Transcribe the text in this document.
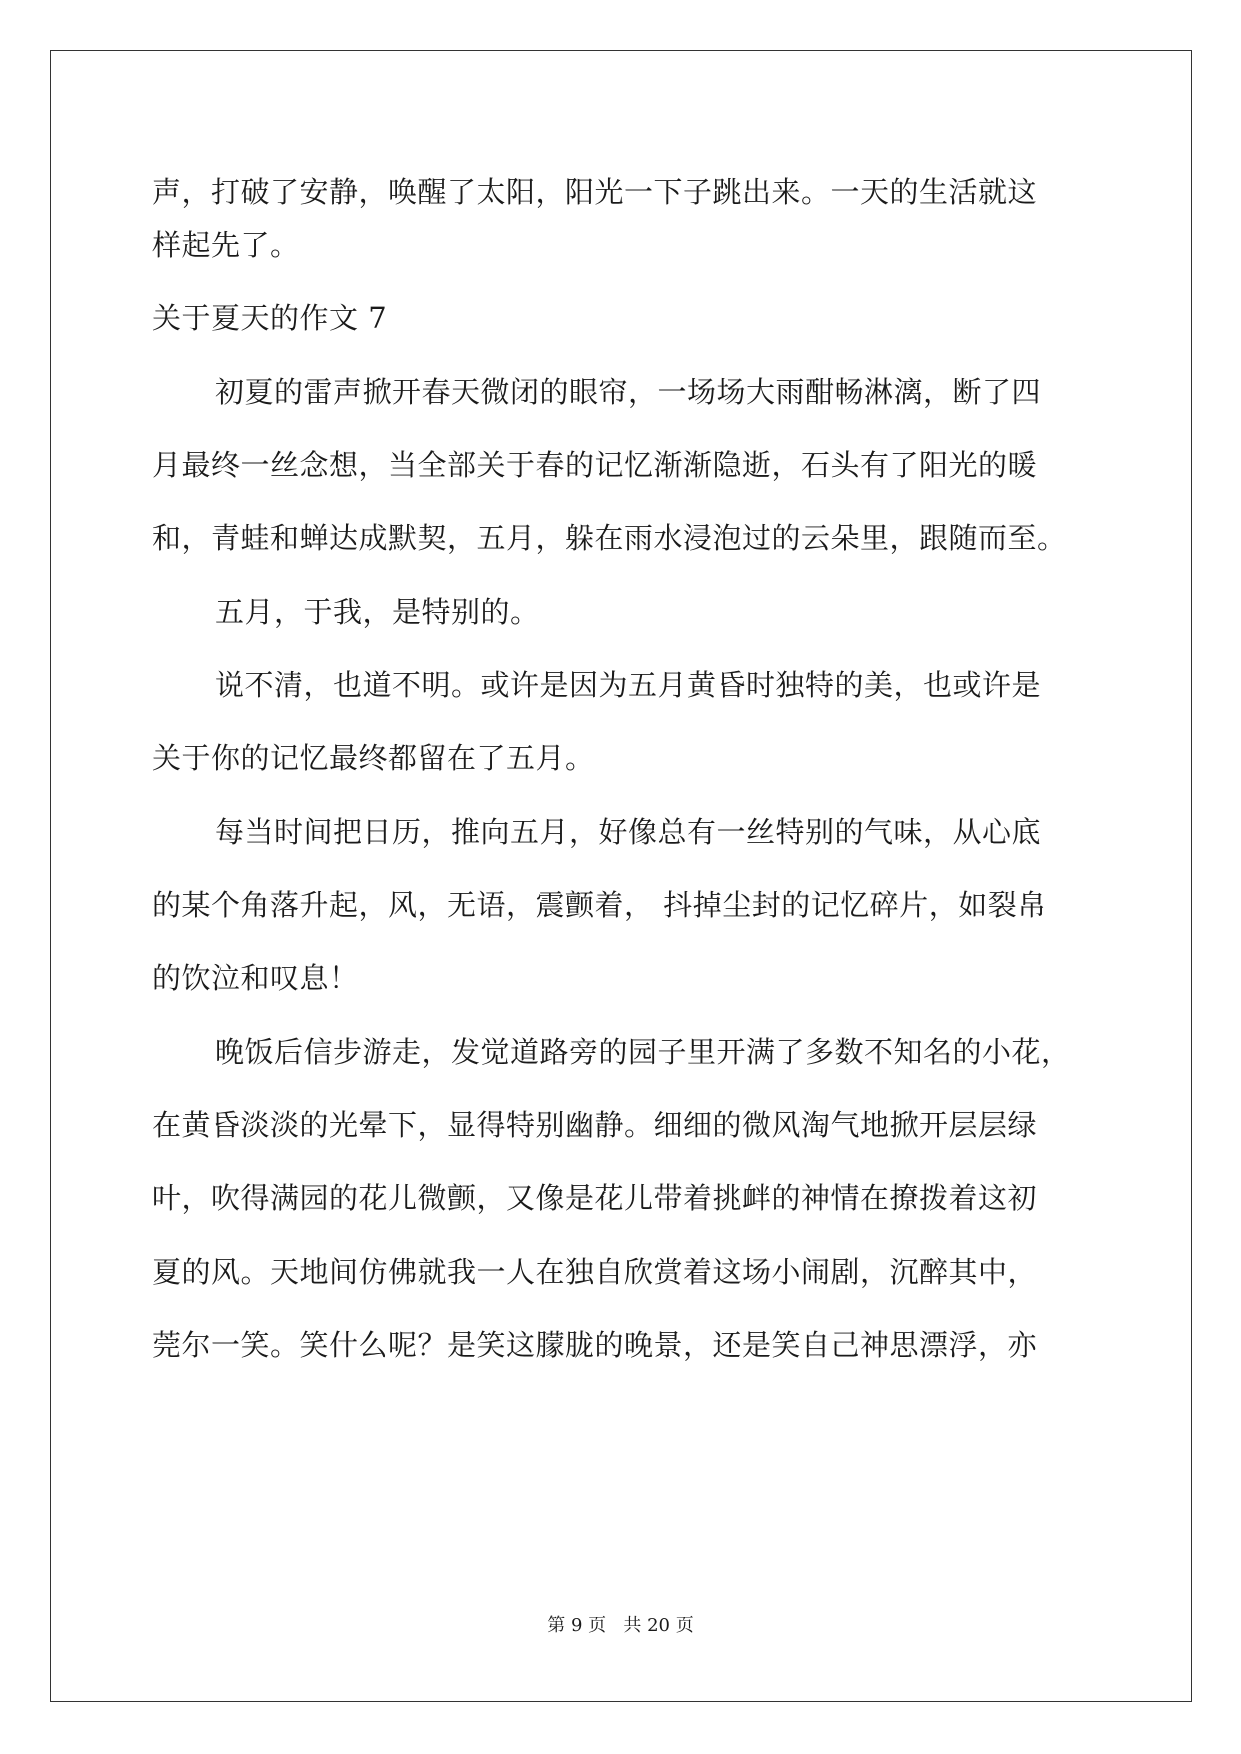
声，打破了安静，唤醒了太阳，阳光一下子跳出来。一天的生活就这
样起先了。
关于夏天的作文 7
初夏的雷声掀开春天微闭的眼帘，一场场大雨酣畅淋漓，断了四
月最终一丝念想，当全部关于春的记忆渐渐隐逝，石头有了阳光的暖
和，青蛙和蝉达成默契，五月，躲在雨水浸泡过的云朵里，跟随而至。
五月，于我，是特别的。
说不清，也道不明。或许是因为五月黄昏时独特的美，也或许是
关于你的记忆最终都留在了五月。
每当时间把日历，推向五月，好像总有一丝特别的气味，从心底
的某个角落升起，风，无语，震颤着， 抖掉尘封的记忆碎片，如裂帛
的饮泣和叹息！
晚饭后信步游走，发觉道路旁的园子里开满了多数不知名的小花，
在黄昏淡淡的光晕下，显得特别幽静。细细的微风淘气地掀开层层绿
叶，吹得满园的花儿微颤，又像是花儿带着挑衅的神情在撩拨着这初
夏的风。天地间仿佛就我一人在独自欣赏着这场小闹剧，沉醉其中，
莞尔一笑。笑什么呢？是笑这朦胧的晚景，还是笑自己神思漂浮，亦
第 9 页   共 20 页
